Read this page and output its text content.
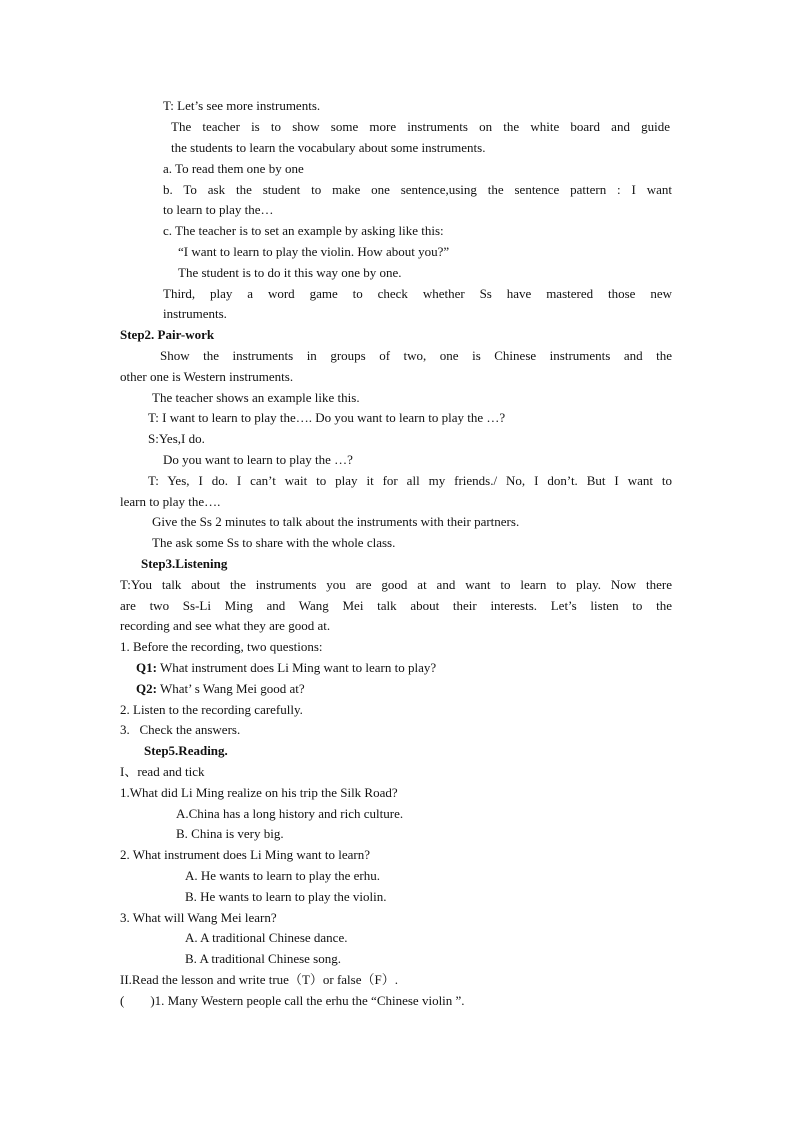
T: Let’s see more instruments.
The teacher is to show some more instruments on the white board and guide
the students to learn the vocabulary about some instruments.
a. To read them one by one
b. To ask the student to make one sentence,using the sentence pattern : I want
to learn to play the…
c. The teacher is to set an example by asking like this:
“I want to learn to play the violin. How about you?”
The student is to do it this way one by one.
Third, play a word game to check whether Ss have mastered those new
instruments.
Step2. Pair-work
Show the instruments in groups of two, one is Chinese instruments and the
other one is Western instruments.
The teacher shows an example like this.
T: I want to learn to play the…. Do you want to learn to play the …?
S:Yes,I do.
Do you want to learn to play the …?
T: Yes, I do. I can’t wait to play it for all my friends./ No, I don’t. But I want to
learn to play the….
Give the Ss 2 minutes to talk about the instruments with their partners.
The ask some Ss to share with the whole class.
Step3.Listening
T:You talk about the instruments you are good at and want to learn to play. Now there
are two Ss-Li Ming and Wang Mei talk about their interests. Let’s listen to the
recording and see what they are good at.
1. Before the recording, two questions:
Q1: What instrument does Li Ming want to learn to play?
Q2: What’ s Wang Mei good at?
2. Listen to the recording carefully.
3.   Check the answers.
Step5.Reading.
I、read and tick
1.What did Li Ming realize on his trip the Silk Road?
A.China has a long history and rich culture.
B. China is very big.
2. What instrument does Li Ming want to learn?
A. He wants to learn to play the erhu.
B. He wants to learn to play the violin.
3. What will Wang Mei learn?
A. A traditional Chinese dance.
B. A traditional Chinese song.
II.Read the lesson and write true（T）or false（F）.
(        )1. Many Western people call the erhu the “Chinese violin ”.
